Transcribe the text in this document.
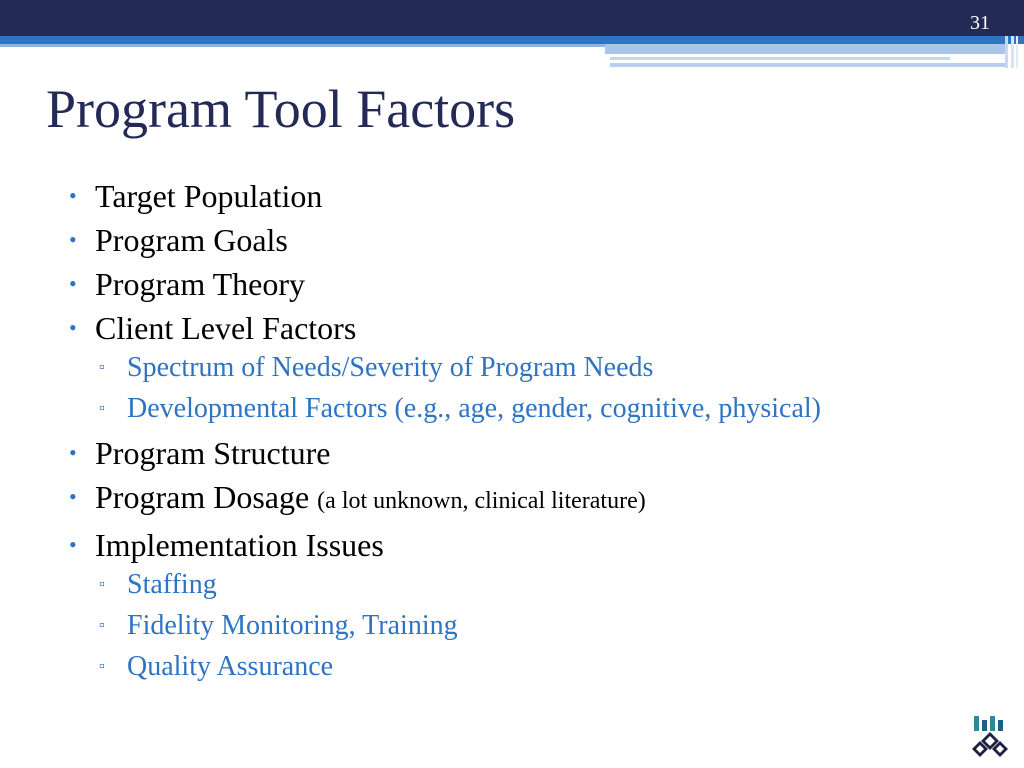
31
Program Tool Factors
• Target Population
• Program Goals
• Program Theory
• Client Level Factors
▫ Spectrum of Needs/Severity of Program Needs
▫ Developmental Factors (e.g., age, gender, cognitive, physical)
• Program Structure
• Program Dosage (a lot unknown, clinical literature)
• Implementation Issues
▫ Staffing
▫ Fidelity Monitoring, Training
▫ Quality Assurance
